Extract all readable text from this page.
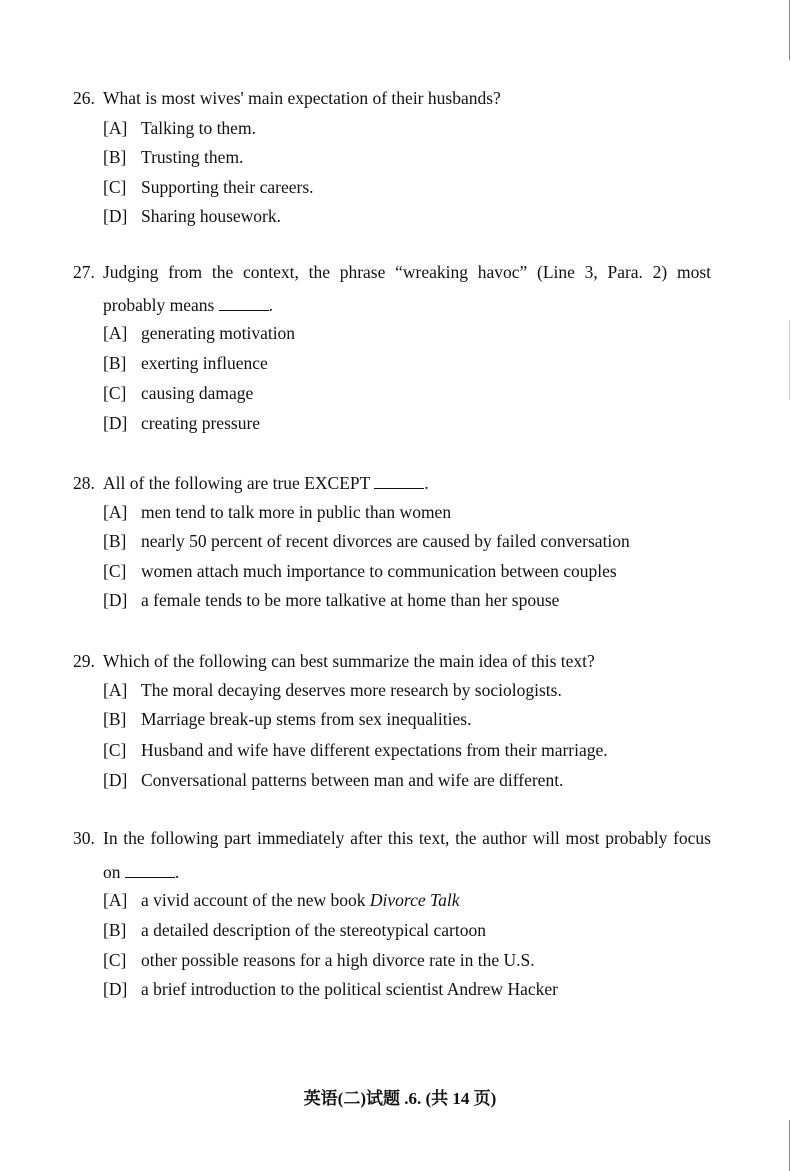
26. What is most wives' main expectation of their husbands?
[A] Talking to them.
[B] Trusting them.
[C] Supporting their careers.
[D] Sharing housework.
27. Judging from the context, the phrase “wreaking havoc” (Line 3, Para. 2) most
probably means	.
[A] generating motivation
[B] exerting influence
[C] causing damage
[D] creating pressure
28. All of the following are true EXCEPT	.
[A] men tend to talk more in public than women
[B] nearly 50 percent of recent divorces are caused by failed conversation
[C] women attach much importance to communication between couples
[D] a female tends to be more talkative at home than her spouse
29. Which of the following can best summarize the main idea of this text?
[A] The moral decaying deserves more research by sociologists.
[B] Marriage break-up stems from sex inequalities.
[C] Husband and wife have different expectations from their marriage.
[D] Conversational patterns between man and wife are different.
30. In the following part immediately after this text, the author will most probably focus
on	.
[A] a vivid account of the new book Divorce Talk
[B] a detailed description of the stereotypical cartoon
[C] other possible reasons for a high divorce rate in the U.S.
[D] a brief introduction to the political scientist Andrew Hacker
英语(二)试题 .6. (共 14 页)
